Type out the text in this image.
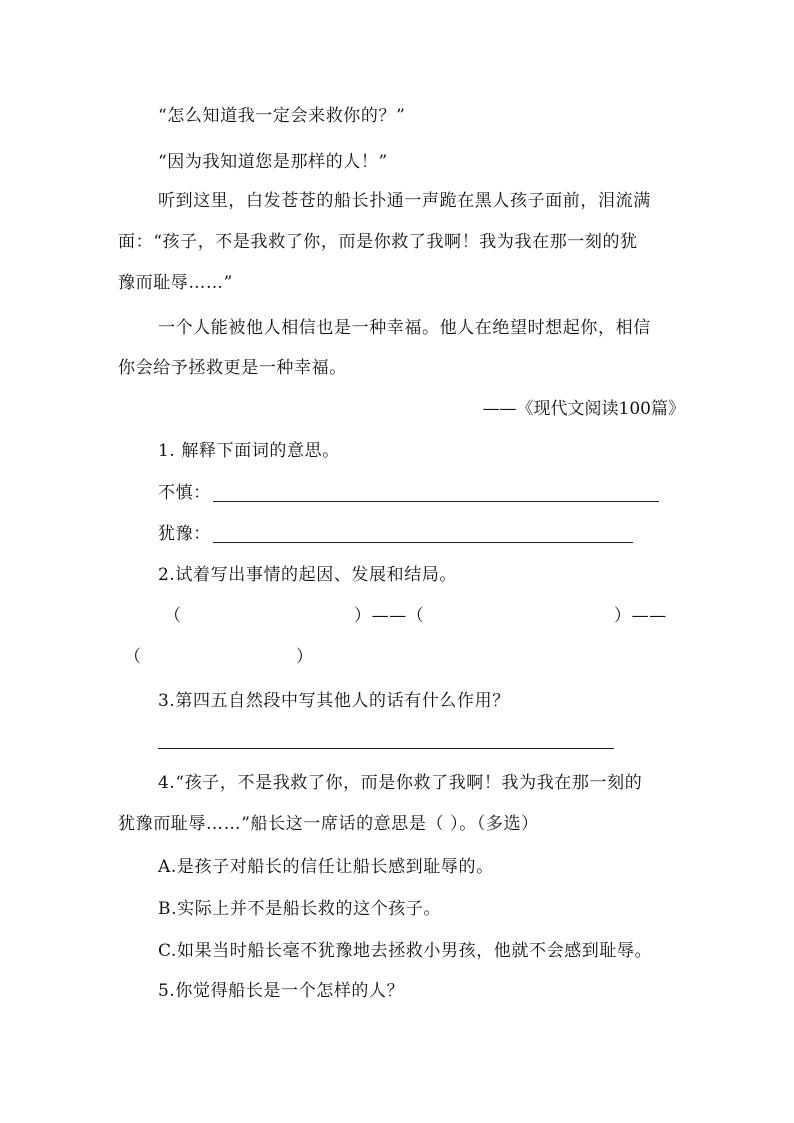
“怎么知道我一定会来救你的？”
“因为我知道您是那样的人！”
听到这里，白发苍苍的船长扑通一声跪在黑人孩子面前，泪流满
面：“孩子，不是我救了你，而是你救了我啊！我为我在那一刻的犹
豫而耻辱……”
一个人能被他人相信也是一种幸福。他人在绝望时想起你，相信
你会给予拯救更是一种幸福。
——《现代文阅读100篇》
1. 解释下面词的意思。
不慎：
犹豫：
2.试着写出事情的起因、发展和结局。
（	）——（	）——
（	）
3.第四五自然段中写其他人的话有什么作用？
4.“孩子，不是我救了你，而是你救了我啊！我为我在那一刻的
犹豫而耻辱……”船长这一席话的意思是（ ）。（多选）
A.是孩子对船长的信任让船长感到耻辱的。
B.实际上并不是船长救的这个孩子。
C.如果当时船长毫不犹豫地去拯救小男孩，他就不会感到耻辱。
5.你觉得船长是一个怎样的人？
